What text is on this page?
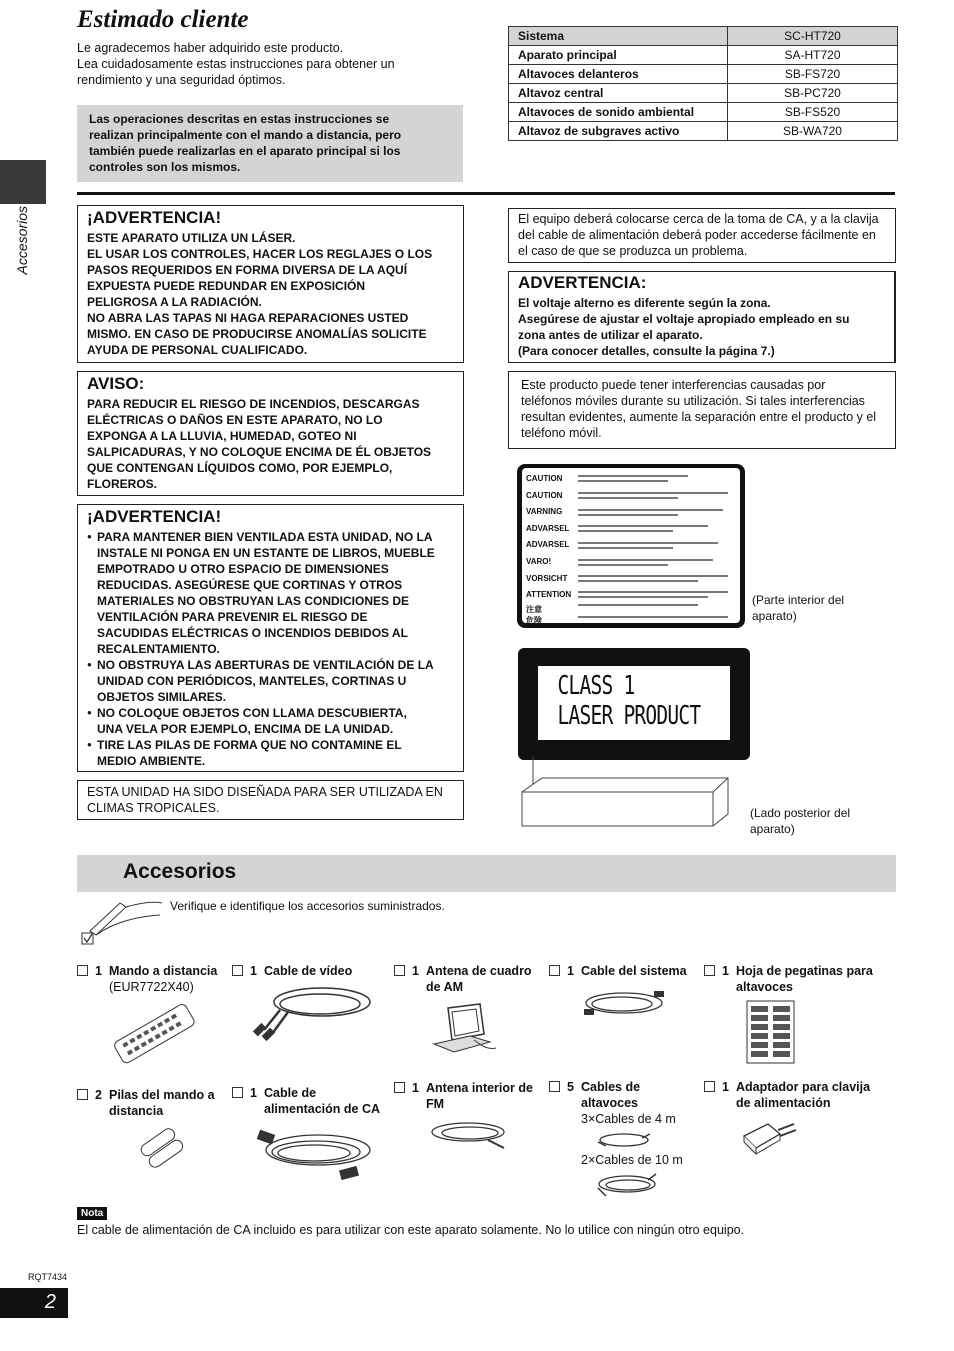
Estimado cliente
Le agradecemos haber adquirido este producto.
Lea cuidadosamente estas instrucciones para obtener un
rendimiento y una seguridad óptimos.
Las operaciones descritas en estas instrucciones se
realizan principalmente con el mando a distancia, pero
también puede realizarlas en el aparato principal si los
controles son los mismos.
Sistema	SC-HT720
Aparato principal	SA-HT720
Altavoces delanteros	SB-FS720
Altavoz central	SB-PC720
Altavoces de sonido ambiental	SB-FS520
Altavoz de subgraves activo	SB-WA720
Accesorios	¡ADVERTENCIA!
ESTE APARATO UTILIZA UN LÁSER.
EL USAR LOS CONTROLES, HACER LOS REGLAJES O LOS
PASOS REQUERIDOS EN FORMA DIVERSA DE LA AQUÍ
EXPUESTA PUEDE REDUNDAR EN EXPOSICIÓN
PELIGROSA A LA RADIACIÓN.
NO ABRA LAS TAPAS NI HAGA REPARACIONES USTED
MISMO. EN CASO DE PRODUCIRSE ANOMALÍAS SOLICITE
AYUDA DE PERSONAL CUALIFICADO.
AVISO:
PARA REDUCIR EL RIESGO DE INCENDIOS, DESCARGAS
ELÉCTRICAS O DAÑOS EN ESTE APARATO, NO LO
EXPONGA A LA LLUVIA, HUMEDAD, GOTEO NI
SALPICADURAS, Y NO COLOQUE ENCIMA DE ÉL OBJETOS
QUE CONTENGAN LÍQUIDOS COMO, POR EJEMPLO,
FLOREROS.
¡ADVERTENCIA!
● PARA MANTENER BIEN VENTILADA ESTA UNIDAD, NO LA
INSTALE NI PONGA EN UN ESTANTE DE LIBROS, MUEBLE
EMPOTRADO U OTRO ESPACIO DE DIMENSIONES
REDUCIDAS. ASEGÚRESE QUE CORTINAS Y OTROS
MATERIALES NO OBSTRUYAN LAS CONDICIONES DE
VENTILACIÓN PARA PREVENIR EL RIESGO DE
SACUDIDAS ELÉCTRICAS O INCENDIOS DEBIDOS AL
RECALENTAMIENTO.
● NO OBSTRUYA LAS ABERTURAS DE VENTILACIÓN DE LA
UNIDAD CON PERIÓDICOS, MANTELES, CORTINAS U
OBJETOS SIMILARES.
● NO COLOQUE OBJETOS CON LLAMA DESCUBIERTA,
UNA VELA POR EJEMPLO, ENCIMA DE LA UNIDAD.
● TIRE LAS PILAS DE FORMA QUE NO CONTAMINE EL
MEDIO AMBIENTE.
ESTA UNIDAD HA SIDO DISEÑADA PARA SER UTILIZADA EN
CLIMAS TROPICALES.
El equipo deberá colocarse cerca de la toma de CA, y a la clavija
del cable de alimentación deberá poder accederse fácilmente en
el caso de que se produzca un problema.
ADVERTENCIA:
El voltaje alterno es diferente según la zona.
Asegúrese de ajustar el voltaje apropiado empleado en su
zona antes de utilizar el aparato.
(Para conocer detalles, consulte la página 7.)
Este producto puede tener interferencias causadas por
teléfonos móviles durante su utilización. Si tales interferencias
resultan evidentes, aumente la separación entre el producto y el
teléfono móvil.
CAUTION
CAUTION
VARNING
ADVARSEL
ADVARSEL
VARO!
VORSICHT
ATTENTION
注意
危険
(Parte interior del
aparato)
CLASS 1
LASER PRODUCT
(Lado posterior del
aparato)
Accesorios
Verifique e identifique los accesorios suministrados.
1 Mando a distancia
(EUR7722X40)
1 Cable de vídeo	1 Antena de cuadro
de AM
1 Cable del sistema	1 Hoja de pegatinas para
altavoces
2 Pilas del mando a
distancia
1 Cable de
alimentación de CA
1 Antena interior de
FM
5 Cables de
altavoces
3×Cables de 4 m
2×Cables de 10 m
1 Adaptador para clavija
de alimentación
Nota
El cable de alimentación de CA incluido es para utilizar con este aparato solamente. No lo utilice con ningún otro equipo.
RQT7434
2
